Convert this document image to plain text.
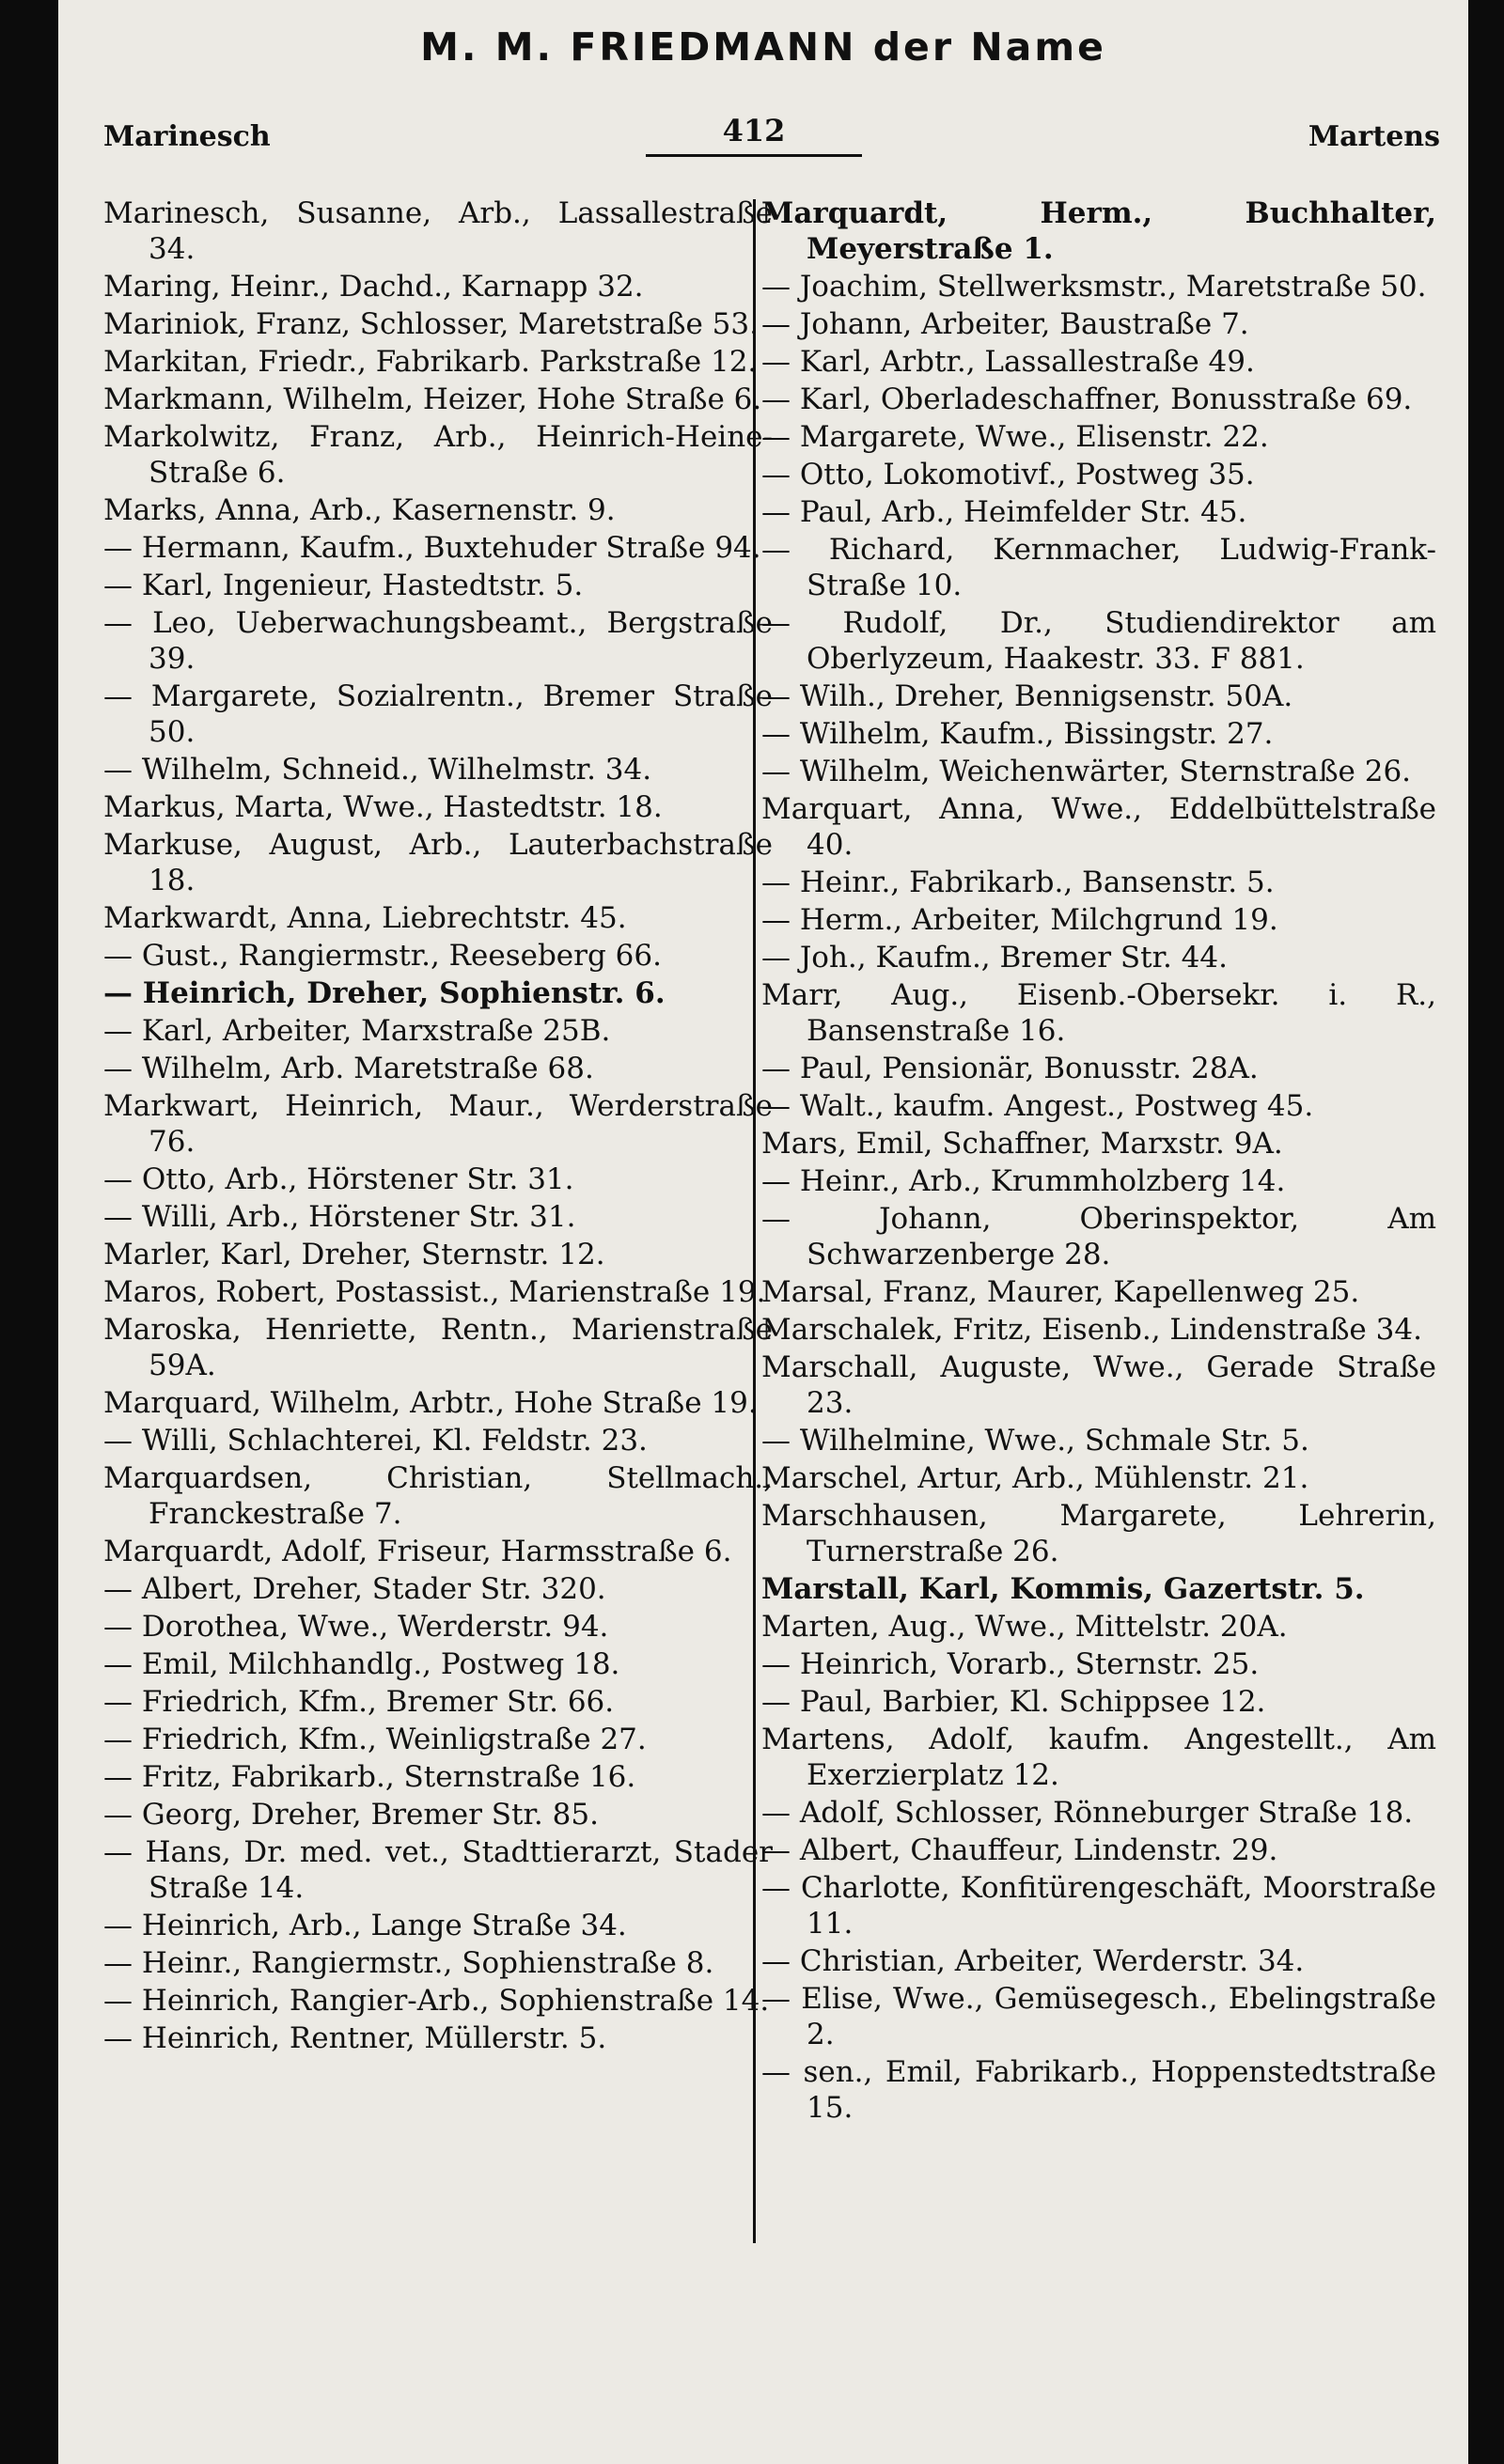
M. M. FRIEDMANN der Name
Marinesch	412	Martens

Marinesch, Susanne, Arb., Lassallestraße 34.

Maring, Heinr., Dachd., Karnapp 32.

Mariniok, Franz, Schlosser, Maretstraße 53.

Markitan, Friedr., Fabrikarb. Parkstraße 12.

Markmann, Wilhelm, Heizer, Hohe Straße 6.

Markolwitz, Franz, Arb., Heinrich-Heine-Straße 6.

Marks, Anna, Arb., Kasernenstr. 9.

— Hermann, Kaufm., Buxtehuder Straße 94.

— Karl, Ingenieur, Hastedtstr. 5.

— Leo, Ueberwachungsbeamt., Bergstraße 39.

— Margarete, Sozialrentn., Bremer Straße 50.

— Wilhelm, Schneid., Wilhelmstr. 34.

Markus, Marta, Wwe., Hastedtstr. 18.

Markuse, August, Arb., Lauterbachstraße 18.

Markwardt, Anna, Liebrechtstr. 45.

— Gust., Rangiermstr., Reeseberg 66.

— Heinrich, Dreher, Sophienstr. 6.

— Karl, Arbeiter, Marxstraße 25B.

— Wilhelm, Arb. Maretstraße 68.

Markwart, Heinrich, Maur., Werderstraße 76.

— Otto, Arb., Hörstener Str. 31.

— Willi, Arb., Hörstener Str. 31.

Marler, Karl, Dreher, Sternstr. 12.

Maros, Robert, Postassist., Marienstraße 19.

Maroska, Henriette, Rentn., Marienstraße 59A.

Marquard, Wilhelm, Arbtr., Hohe Straße 19.

— Willi, Schlachterei, Kl. Feldstr. 23.

Marquardsen, Christian, Stellmach., Franckestraße 7.

Marquardt, Adolf, Friseur, Harmsstraße 6.

— Albert, Dreher, Stader Str. 320.

— Dorothea, Wwe., Werderstr. 94.

— Emil, Milchhandlg., Postweg 18.

— Friedrich, Kfm., Bremer Str. 66.

— Friedrich, Kfm., Weinligstraße 27.

— Fritz, Fabrikarb., Sternstraße 16.

— Georg, Dreher, Bremer Str. 85.

— Hans, Dr. med. vet., Stadttierarzt, Stader Straße 14.

— Heinrich, Arb., Lange Straße 34.

— Heinr., Rangiermstr., Sophienstraße 8.

— Heinrich, Rangier-Arb., Sophienstraße 14.

— Heinrich, Rentner, Müllerstr. 5.

Marquardt, Herm., Buchhalter, Meyerstraße 1.

— Joachim, Stellwerksmstr., Maretstraße 50.

— Johann, Arbeiter, Baustraße 7.

— Karl, Arbtr., Lassallestraße 49.

— Karl, Oberladeschaffner, Bonusstraße 69.

— Margarete, Wwe., Elisenstr. 22.

— Otto, Lokomotivf., Postweg 35.

— Paul, Arb., Heimfelder Str. 45.

— Richard, Kernmacher, Ludwig-Frank-Straße 10.

— Rudolf, Dr., Studiendirektor am Oberlyzeum, Haakestr. 33. F 881.

— Wilh., Dreher, Bennigsenstr. 50A.

— Wilhelm, Kaufm., Bissingstr. 27.

— Wilhelm, Weichenwärter, Sternstraße 26.

Marquart, Anna, Wwe., Eddelbüttelstraße 40.

— Heinr., Fabrikarb., Bansenstr. 5.

— Herm., Arbeiter, Milchgrund 19.

— Joh., Kaufm., Bremer Str. 44.

Marr, Aug., Eisenb.-Obersekr. i. R., Bansenstraße 16.

— Paul, Pensionär, Bonusstr. 28A.

— Walt., kaufm. Angest., Postweg 45.

Mars, Emil, Schaffner, Marxstr. 9A.

— Heinr., Arb., Krummholzberg 14.

— Johann, Oberinspektor, Am Schwarzenberge 28.

Marsal, Franz, Maurer, Kapellenweg 25.

Marschalek, Fritz, Eisenb., Lindenstraße 34.

Marschall, Auguste, Wwe., Gerade Straße 23.

— Wilhelmine, Wwe., Schmale Str. 5.

Marschel, Artur, Arb., Mühlenstr. 21.

Marschhausen, Margarete, Lehrerin, Turnerstraße 26.

Marstall, Karl, Kommis, Gazertstr. 5.

Marten, Aug., Wwe., Mittelstr. 20A.

— Heinrich, Vorarb., Sternstr. 25.

— Paul, Barbier, Kl. Schippsee 12.

Martens, Adolf, kaufm. Angestellt., Am Exerzierplatz 12.

— Adolf, Schlosser, Rönneburger Straße 18.

— Albert, Chauffeur, Lindenstr. 29.

— Charlotte, Konfitürengeschäft, Moorstraße 11.

— Christian, Arbeiter, Werderstr. 34.

— Elise, Wwe., Gemüsegesch., Ebelingstraße 2.

— sen., Emil, Fabrikarb., Hoppenstedtstraße 15.
